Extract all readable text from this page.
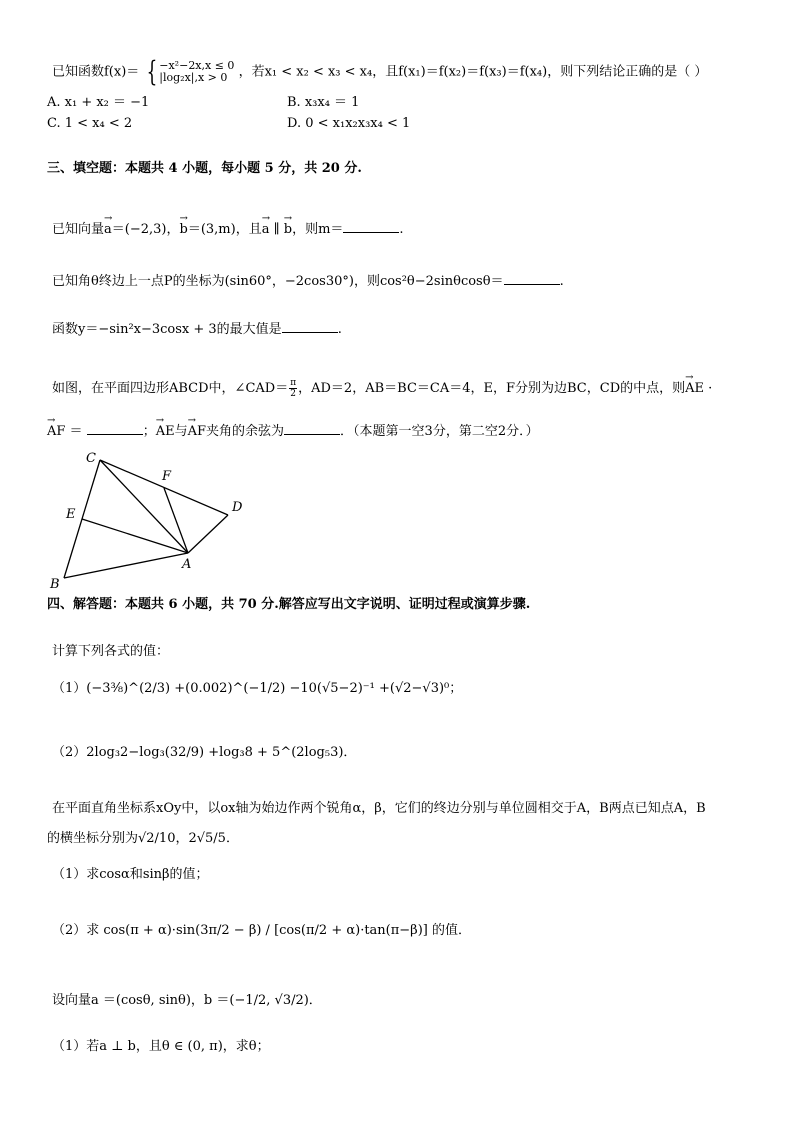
已知函数f(x)＝ { −x²−2x,x ≤ 0
|log₂x|,x > 0 ，若x₁ < x₂ < x₃ < x₄，且f(x₁)＝f(x₂)＝f(x₃)＝f(x₄)，则下列结论正确的是（ ）
A. x₁ + x₂ ＝ −1	B. x₃x₄ ＝ 1
C. 1 < x₄ < 2	D. 0 < x₁x₂x₃x₄ < 1
三、填空题：本题共 4 小题，每小题 5 分，共 20 分.
已知向量→ a＝(−2,3)，→ b＝(3,m)，且→ a ∥ → b，则m＝	.
已知角θ终边上一点P的坐标为(sin60°，−2cos30°)，则cos²θ−2sinθcosθ＝	.
函数y＝−sin²x−3cosx + 3的最大值是	.
如图，在平面四边形ABCD中，∠CAD＝ $\frac{\pi}{2}$ ，AD＝2，AB＝BC＝CA＝4，E，F分别为边BC，CD的中点，则→ AE ·
→ AF ＝	；→ AE与→ AF夹角的余弦为	．（本题第一空3分，第二空2分．）
C
F
D
E
A
B
四、解答题：本题共 6 小题，共 70 分.解答应写出文字说明、证明过程或演算步骤.
计算下列各式的值：
（1）(−3³⁄₈)^(2/3) +(0.002)^(−1/2) −10(√5−2)⁻¹ +(√2−√3)⁰；
（2）2log₃2−log₃(32/9) +log₃8 + 5^(2log₅3)．
在平面直角坐标系xOy中，以ox轴为始边作两个锐角α，β，它们的终边分别与单位圆相交于A，B两点已知点A，B
的横坐标分别为√2/10，2√5/5．
（1）求cosα和sinβ的值；
（2）求 cos(π + α)·sin(3π/2 − β) / [cos(π/2 + α)·tan(π−β)] 的值．
设向量a ＝(cosθ, sinθ)，b ＝(−1/2, √3/2)．
（1）若a ⊥ b，且θ ∈ (0, π)，求θ；
